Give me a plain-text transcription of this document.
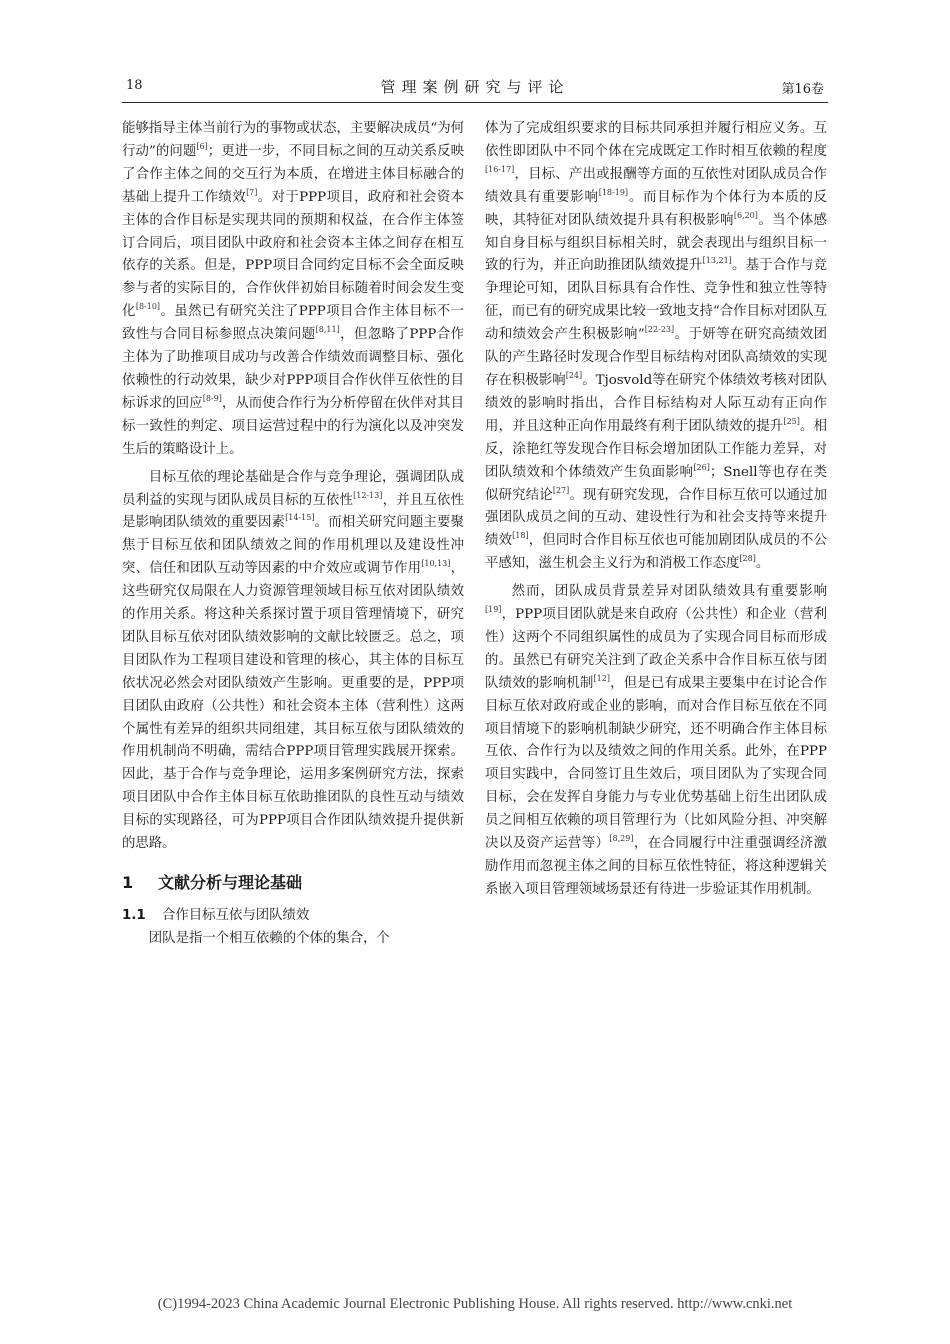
18	管理案例研究与评论	第16卷

能够指导主体当前行为的事物或状态，主要解决成员“为何行动”的问题[6]；更进一步，不同目标之间的互动关系反映了合作主体之间的交互行为本质，在增进主体目标融合的基础上提升工作绩效[7]。对于PPP项目，政府和社会资本主体的合作目标是实现共同的预期和权益，在合作主体签订合同后，项目团队中政府和社会资本主体之间存在相互依存的关系。但是，PPP项目合同约定目标不会全面反映参与者的实际目的，合作伙伴初始目标随着时间会发生变化[8-10]。虽然已有研究关注了PPP项目合作主体目标不一致性与合同目标参照点决策问题[8,11]，但忽略了PPP合作主体为了助推项目成功与改善合作绩效而调整目标、强化依赖性的行动效果，缺少对PPP项目合作伙伴互依性的目标诉求的回应[8-9]，从而使合作行为分析停留在伙伴对其目标一致性的判定、项目运营过程中的行为演化以及冲突发生后的策略设计上。

目标互依的理论基础是合作与竞争理论，强调团队成员利益的实现与团队成员目标的互依性[12-13]，并且互依性是影响团队绩效的重要因素[14-15]。而相关研究问题主要聚焦于目标互依和团队绩效之间的作用机理以及建设性冲突、信任和团队互动等因素的中介效应或调节作用[10,13]，这些研究仅局限在人力资源管理领域目标互依对团队绩效的作用关系。将这种关系探讨置于项目管理情境下，研究团队目标互依对团队绩效影响的文献比较匮乏。总之，项目团队作为工程项目建设和管理的核心，其主体的目标互依状况必然会对团队绩效产生影响。更重要的是，PPP项目团队由政府（公共性）和社会资本主体（营利性）这两个属性有差异的组织共同组建，其目标互依与团队绩效的作用机制尚不明确，需结合PPP项目管理实践展开探索。因此，基于合作与竞争理论，运用多案例研究方法，探索项目团队中合作主体目标互依助推团队的良性互动与绩效目标的实现路径，可为PPP项目合作团队绩效提升提供新的思路。

1 文献分析与理论基础
1.1 合作目标互依与团队绩效

团队是指一个相互依赖的个体的集合，个

体为了完成组织要求的目标共同承担并履行相应义务。互依性即团队中不同个体在完成既定工作时相互依赖的程度[16-17]，目标、产出或报酬等方面的互依性对团队成员合作绩效具有重要影响[18-19]。而目标作为个体行为本质的反映，其特征对团队绩效提升具有积极影响[6,20]。当个体感知自身目标与组织目标相关时，就会表现出与组织目标一致的行为，并正向助推团队绩效提升[13,21]。基于合作与竞争理论可知，团队目标具有合作性、竞争性和独立性等特征，而已有的研究成果比较一致地支持“合作目标对团队互动和绩效会产生积极影响”[22-23]。于妍等在研究高绩效团队的产生路径时发现合作型目标结构对团队高绩效的实现存在积极影响[24]。Tjosvold等在研究个体绩效考核对团队绩效的影响时指出，合作目标结构对人际互动有正向作用，并且这种正向作用最终有利于团队绩效的提升[25]。相反，涂艳红等发现合作目标会增加团队工作能力差异，对团队绩效和个体绩效产生负面影响[26]；Snell等也存在类似研究结论[27]。现有研究发现，合作目标互依可以通过加强团队成员之间的互动、建设性行为和社会支持等来提升绩效[18]，但同时合作目标互依也可能加剧团队成员的不公平感知，滋生机会主义行为和消极工作态度[28]。

然而，团队成员背景差异对团队绩效具有重要影响[19]，PPP项目团队就是来自政府（公共性）和企业（营利性）这两个不同组织属性的成员为了实现合同目标而形成的。虽然已有研究关注到了政企关系中合作目标互依与团队绩效的影响机制[12]，但是已有成果主要集中在讨论合作目标互依对政府或企业的影响，而对合作目标互依在不同项目情境下的影响机制缺少研究，还不明确合作主体目标互依、合作行为以及绩效之间的作用关系。此外，在PPP项目实践中，合同签订且生效后，项目团队为了实现合同目标，会在发挥自身能力与专业优势基础上衍生出团队成员之间相互依赖的项目管理行为（比如风险分担、冲突解决以及资产运营等）[8,29]，在合同履行中注重强调经济激励作用而忽视主体之间的目标互依性特征，将这种逻辑关系嵌入项目管理领域场景还有待进一步验证其作用机制。

(C)1994-2023 China Academic Journal Electronic Publishing House. All rights reserved. http://www.cnki.net
